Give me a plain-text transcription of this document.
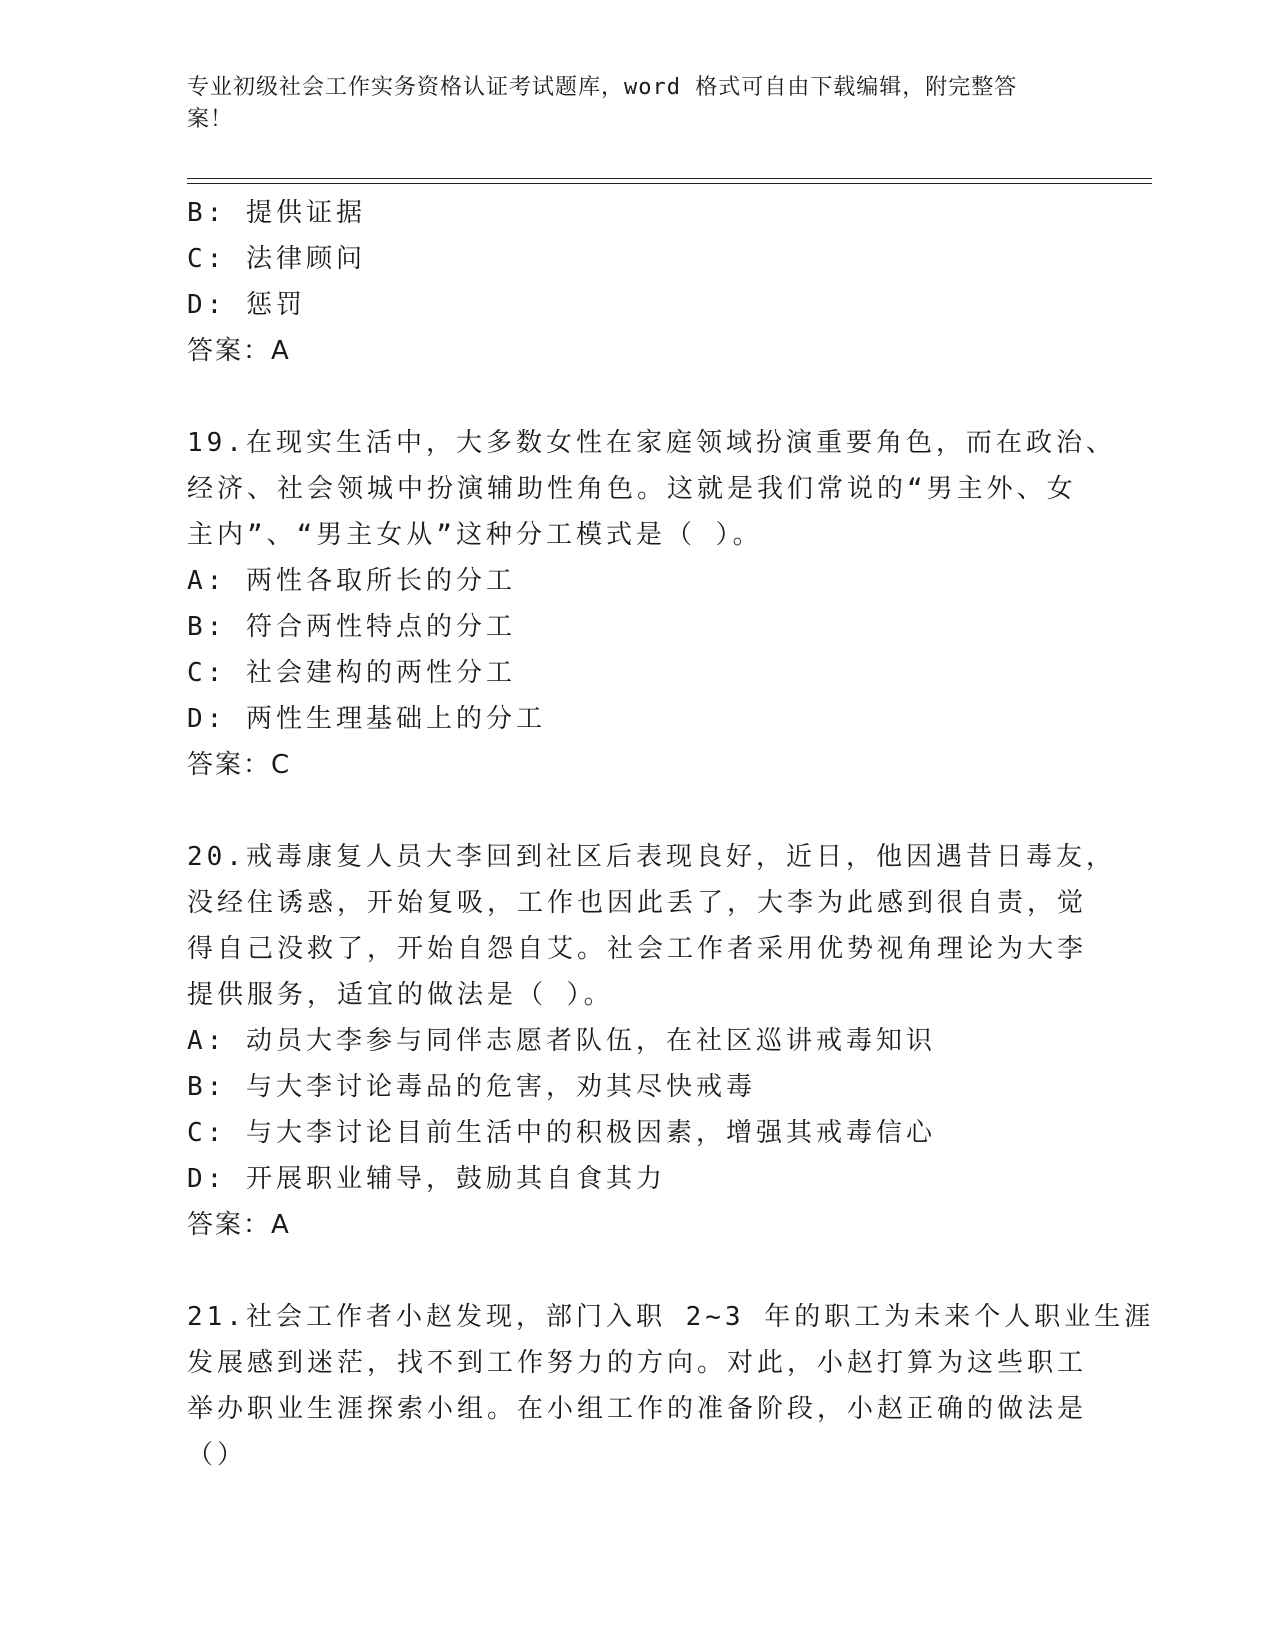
专业初级社会工作实务资格认证考试题库，word 格式可自由下载编辑，附完整答
案！
B: 提供证据
C: 法律顾问
D: 惩罚
答案：A
19.在现实生活中，大多数女性在家庭领域扮演重要角色，而在政治、
经济、社会领城中扮演辅助性角色。这就是我们常说的“男主外、女
主内”、“男主女从”这种分工模式是（ ）。
A: 两性各取所长的分工
B: 符合两性特点的分工
C: 社会建构的两性分工
D: 两性生理基础上的分工
答案：C
20.戒毒康复人员大李回到社区后表现良好，近日，他因遇昔日毒友，
没经住诱惑，开始复吸，工作也因此丢了，大李为此感到很自责，觉
得自己没救了，开始自怨自艾。社会工作者采用优势视角理论为大李
提供服务，适宜的做法是（ ）。
A: 动员大李参与同伴志愿者队伍，在社区巡讲戒毒知识
B: 与大李讨论毒品的危害，劝其尽快戒毒
C: 与大李讨论目前生活中的积极因素，增强其戒毒信心
D: 开展职业辅导，鼓励其自食其力
答案：A
21.社会工作者小赵发现，部门入职 2~3 年的职工为未来个人职业生涯
发展感到迷茫，找不到工作努力的方向。对此，小赵打算为这些职工
举办职业生涯探索小组。在小组工作的准备阶段，小赵正确的做法是
（）
